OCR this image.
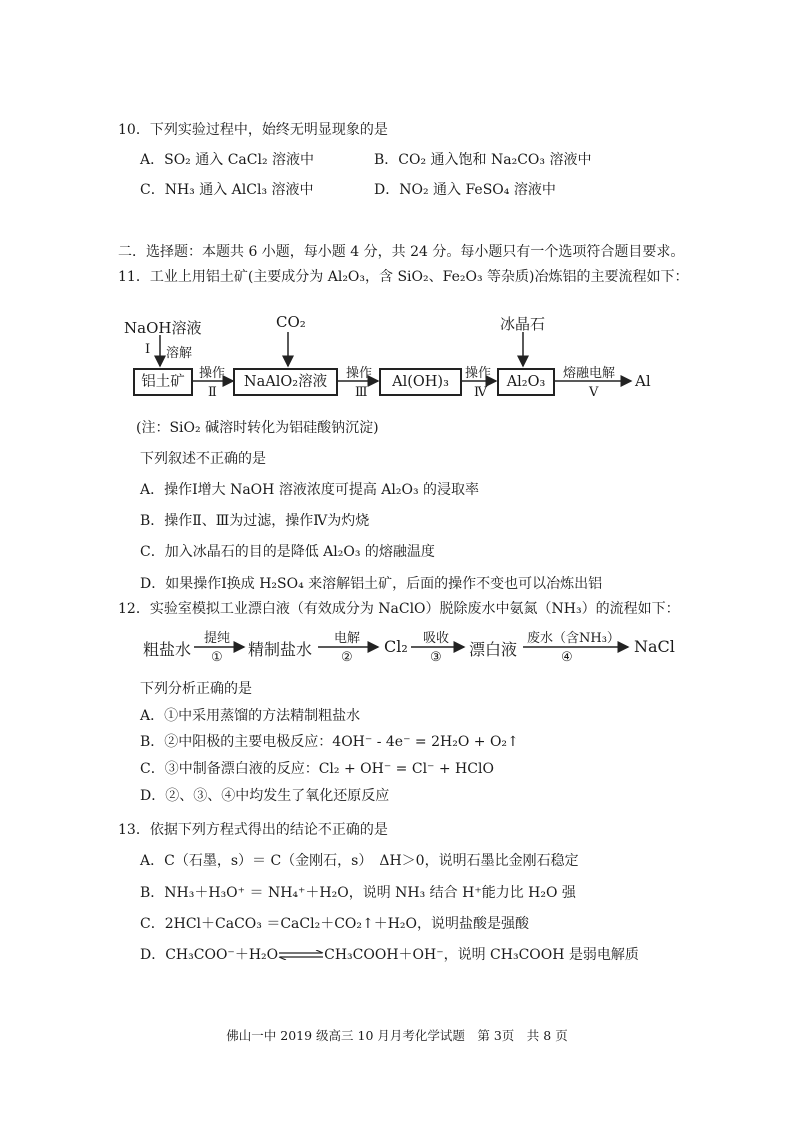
10．下列实验过程中，始终无明显现象的是
A．SO₂ 通入 CaCl₂ 溶液中	B．CO₂ 通入饱和 Na₂CO₃ 溶液中
C．NH₃ 通入 AlCl₃ 溶液中	D．NO₂ 通入 FeSO₄ 溶液中
二．选择题：本题共 6 小题，每小题 4 分，共 24 分。每小题只有一个选项符合题目要求。
11．工业上用铝土矿(主要成分为 Al₂O₃，含 SiO₂、Fe₂O₃ 等杂质)冶炼铝的主要流程如下：
NaOH溶液
Ⅰ 溶解
铝土矿
操作
Ⅱ
CO₂
NaAlO₂溶液
操作
Ⅲ
Al(OH)₃
操作
Ⅳ
冰晶石
Al₂O₃
熔融电解
Ⅴ
Al
(注：SiO₂ 碱溶时转化为铝硅酸钠沉淀)
下列叙述不正确的是
A．操作Ⅰ增大 NaOH 溶液浓度可提高 Al₂O₃ 的浸取率
B．操作Ⅱ、Ⅲ为过滤，操作Ⅳ为灼烧
C．加入冰晶石的目的是降低 Al₂O₃ 的熔融温度
D．如果操作Ⅰ换成 H₂SO₄ 来溶解铝土矿，后面的操作不变也可以冶炼出铝
12．实验室模拟工业漂白液（有效成分为 NaClO）脱除废水中氨氮（NH₃）的流程如下：
粗盐水
提纯
① 精制盐水
电解
②
Cl₂ 吸收
③ 漂白液
废水（含NH₃）
④
NaCl
下列分析正确的是
A．①中采用蒸馏的方法精制粗盐水
B．②中阳极的主要电极反应：4OH⁻ - 4e⁻ = 2H₂O + O₂↑
C．③中制备漂白液的反应：Cl₂ + OH⁻ = Cl⁻ + HClO
D．②、③、④中均发生了氧化还原反应
13．依据下列方程式得出的结论不正确的是
A．C（石墨，s）＝ C（金刚石，s）　ΔH＞0，说明石墨比金刚石稳定
B．NH₃＋H₃O⁺ ＝ NH₄⁺＋H₂O，说明 NH₃ 结合 H⁺能力比 H₂O 强
C．2HCl＋CaCO₃ ＝CaCl₂＋CO₂↑＋H₂O，说明盐酸是强酸
D．CH₃COO⁻＋H₂O⇌CH₃COOH＋OH⁻，说明 CH₃COOH 是弱电解质
佛山一中 2019 级高三 10 月月考化学试题　第 3页　共 8 页
